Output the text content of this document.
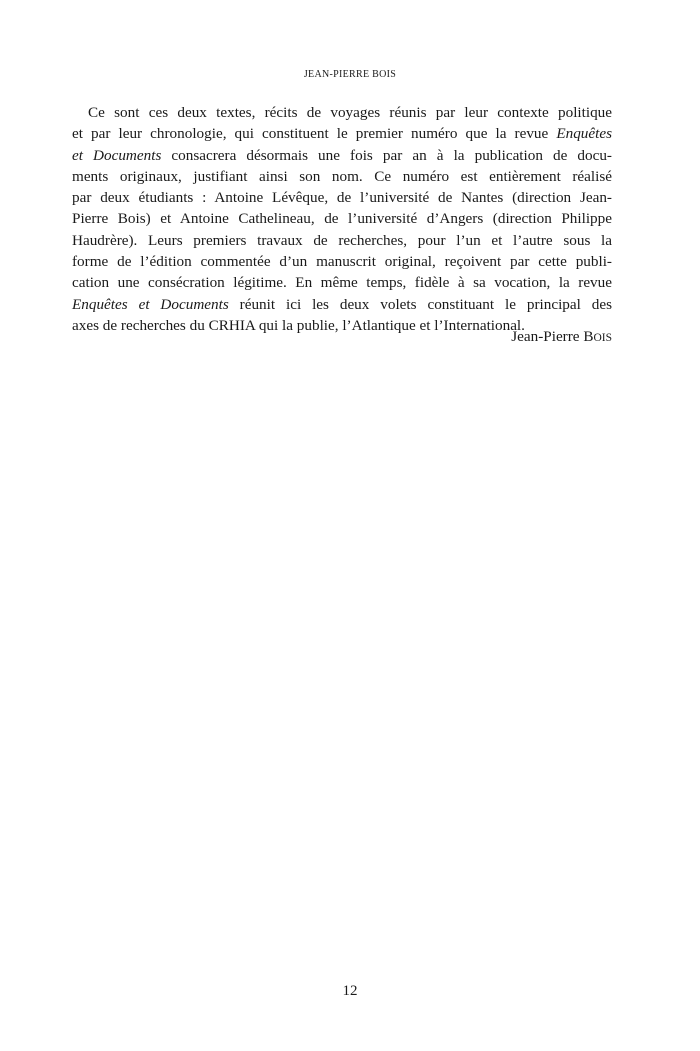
JEAN-PIERRE BOIS
Ce sont ces deux textes, récits de voyages réunis par leur contexte politique
et par leur chronologie, qui constituent le premier numéro que la revue Enquêtes
et Documents consacrera désormais une fois par an à la publication de docu-
ments originaux, justifiant ainsi son nom. Ce numéro est entièrement réalisé
par deux étudiants : Antoine Lévêque, de l’université de Nantes (direction Jean-
Pierre Bois) et Antoine Cathelineau, de l’université d’Angers (direction Philippe
Haudrère). Leurs premiers travaux de recherches, pour l’un et l’autre sous la
forme de l’édition commentée d’un manuscrit original, reçoivent par cette publi-
cation une consécration légitime. En même temps, fidèle à sa vocation, la revue
Enquêtes et Documents réunit ici les deux volets constituant le principal des
axes de recherches du CRHIA qui la publie, l’Atlantique et l’International.
Jean-Pierre BOIS
12
